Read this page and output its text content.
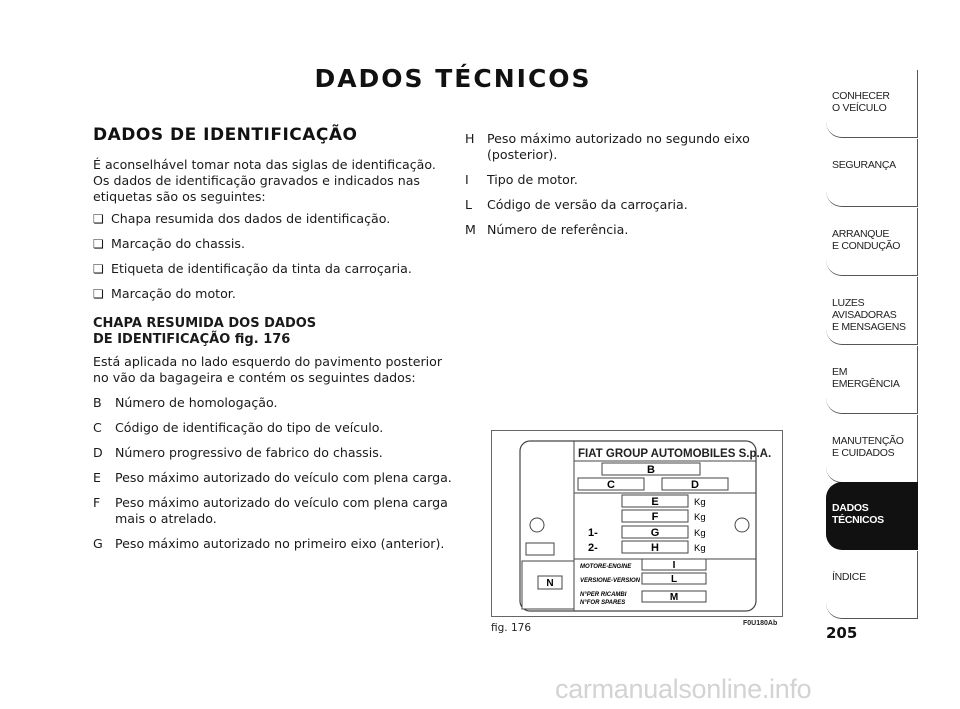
DADOS TÉCNICOS
DADOS DE IDENTIFICAÇÃO
É aconselhável tomar nota das siglas de identificação. Os dados de identificação gravados e indicados nas etiquetas são os seguintes:
❏ Chapa resumida dos dados de identificação.
❏ Marcação do chassis.
❏ Etiqueta de identificação da tinta da carroçaria.
❏ Marcação do motor.
CHAPA RESUMIDA DOS DADOS
DE IDENTIFICAÇÃO fig. 176
Está aplicada no lado esquerdo do pavimento posterior no vão da bagageira e contém os seguintes dados:
B	Número de homologação.
C	Código de identificação do tipo de veículo.
D Número progressivo de fabrico do chassis.
E	Peso máximo autorizado do veículo com plena carga.
F	Peso máximo autorizado do veículo com plena carga mais o atrelado.
G Peso máximo autorizado no primeiro eixo (anterior).
H Peso máximo autorizado no segundo eixo (posterior).
I	Tipo de motor.
L	Código de versão da carroçaria.
M Número de referência.
CONHECER
O VEÍCULO
SEGURANÇA
ARRANQUE
E CONDUÇÃO
LUZES
AVISADORAS
E MENSAGENS
EM EMERGÊNCIA
MANUTENÇÃO
E CUIDADOS
DADOS
TÉCNICOS
ÍNDICE
205
FIAT GROUP AUTOMOBILES S.p.A.
B
C	D
E	Kg
F	Kg
1-	G	Kg
2-	H	Kg
MOTORE-ENGINE	I
VERSIONE-VERSION	L
N°PER RICAMBI
N°FOR SPARES	M
N
fig. 176	F0U180Ab
carmanualsonline.info
